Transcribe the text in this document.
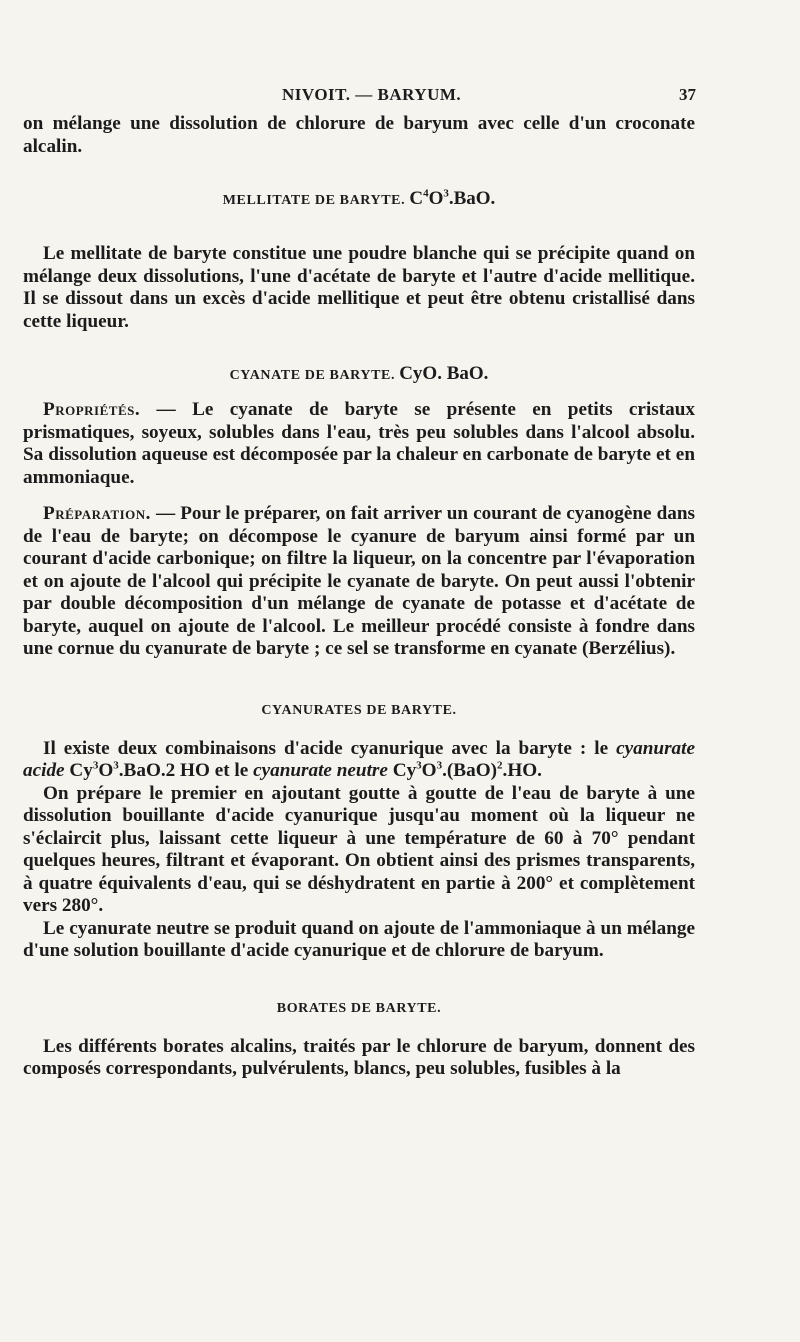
NIVOIT. — BARYUM.	37

on mélange une dissolution de chlorure de baryum avec celle d'un croconate alcalin.

MELLITATE DE BARYTE. $C^4O^3.BaO$.

Le mellitate de baryte constitue une poudre blanche qui se précipite quand on mélange deux dissolutions, l'une d'acétate de baryte et l'autre d'acide mellitique. Il se dissout dans un excès d'acide mellitique et peut être obtenu cristallisé dans cette liqueur.

CYANATE DE BARYTE. CyO. BaO.

Propriétés. — Le cyanate de baryte se présente en petits cristaux prismatiques, soyeux, solubles dans l'eau, très peu solubles dans l'alcool absolu. Sa dissolution aqueuse est décomposée par la chaleur en carbonate de baryte et en ammoniaque.

Préparation. — Pour le préparer, on fait arriver un courant de cyanogène dans de l'eau de baryte; on décompose le cyanure de baryum ainsi formé par un courant d'acide carbonique; on filtre la liqueur, on la concentre par l'évaporation et on ajoute de l'alcool qui précipite le cyanate de baryte. On peut aussi l'obtenir par double décomposition d'un mélange de cyanate de potasse et d'acétate de baryte, auquel on ajoute de l'alcool. Le meilleur procédé consiste à fondre dans une cornue du cyanurate de baryte ; ce sel se transforme en cyanate (Berzélius).

CYANURATES DE BARYTE.

Il existe deux combinaisons d'acide cyanurique avec la baryte : le cyanurate acide $Cy^3O^3.BaO.2$ HO et le cyanurate neutre $Cy^3O^3.(BaO)^2.HO$.

On prépare le premier en ajoutant goutte à goutte de l'eau de baryte à une dissolution bouillante d'acide cyanurique jusqu'au moment où la liqueur ne s'éclaircit plus, laissant cette liqueur à une température de 60 à 70° pendant quelques heures, filtrant et évaporant. On obtient ainsi des prismes transparents, à quatre équivalents d'eau, qui se déshydratent en partie à 200° et complètement vers 280°.

Le cyanurate neutre se produit quand on ajoute de l'ammoniaque à un mélange d'une solution bouillante d'acide cyanurique et de chlorure de baryum.

BORATES DE BARYTE.

Les différents borates alcalins, traités par le chlorure de baryum, donnent des composés correspondants, pulvérulents, blancs, peu solubles, fusibles à la
